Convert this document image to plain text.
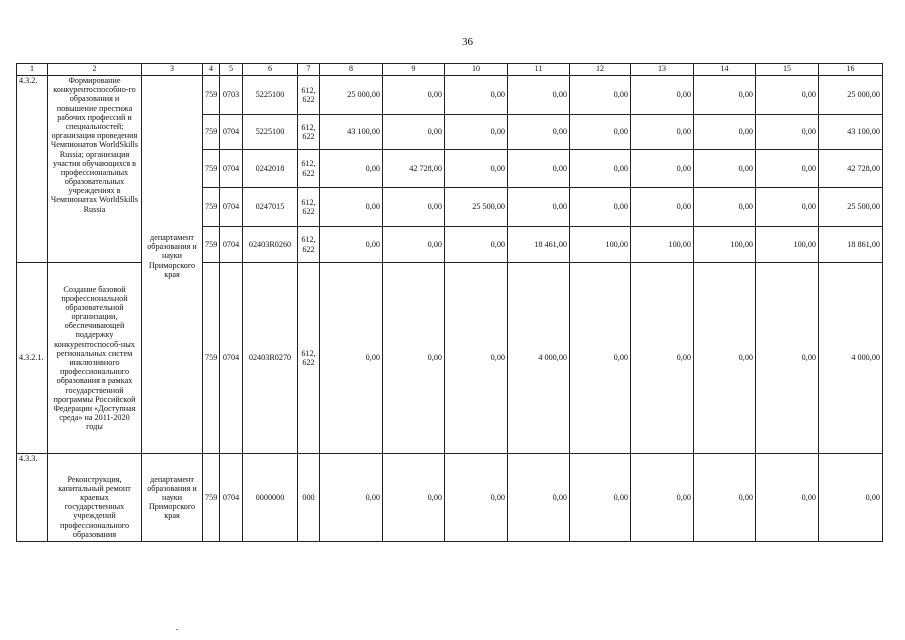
36
1	2	3	4	5	6	7	8	9	10	11	12	13	14	15	16
4.3.2.	Формирование конкурентоспособно-го образования и повышение престижа рабочих профессий и специальностей; организация проведения Чемпионатов WorldSkills Russia; организация участия обучающихся в профессиональных образовательных учреждениях в Чемпионатах WorldSkills Russia	департамент образования и науки Приморского края	759	0703	5225100	612, 622	25 000,00	0,00	0,00	0,00	0,00	0,00	0,00	0,00	25 000,00
			759	0704	5225100	612, 622	43 100,00	0,00	0,00	0,00	0,00	0,00	0,00	0,00	43 100,00
			759	0704	0242018	612, 622	0,00	42 728,00	0,00	0,00	0,00	0,00	0,00	0,00	42 728,00
			759	0704	0247015	612, 622	0,00	0,00	25 500,00	0,00	0,00	0,00	0,00	0,00	25 500,00
			759	0704	02403R0260	612, 622	0,00	0,00	0,00	18 461,00	100,00	100,00	100,00	100,00	18 861,00
4.3.2.1.	Создание базовой профессиональной образовательной организации, обеспечивающей поддержку конкурентоспособ-ных региональных систем инклюзивного профессионального образования в рамках государственной программы Российской Федерации «Доступная среда» на 2011-2020 годы		759	0704	02403R0270	612, 622	0,00	0,00	0,00	4 000,00	0,00	0,00	0,00	0,00	4 000,00
4.3.3.	Реконструкция, капитальный ремонт краевых государственных учреждений профессионального образования	департамент образования и науки Приморского края	759	0704	0000000	000	0,00	0,00	0,00	0,00	0,00	0,00	0,00	0,00	0,00
